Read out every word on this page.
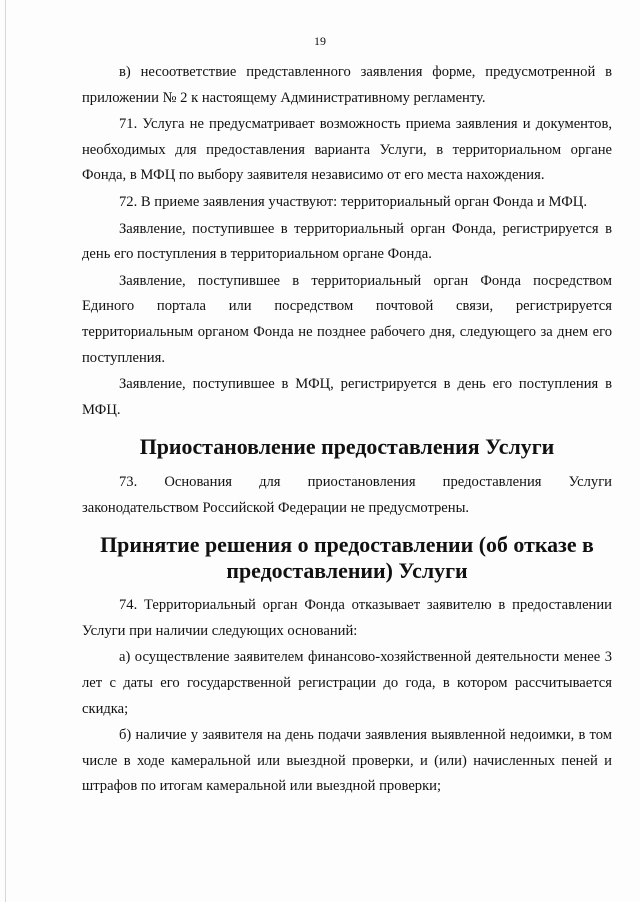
19

в) несоответствие представленного заявления форме, предусмотренной в приложении № 2 к настоящему Административному регламенту.

71. Услуга не предусматривает возможность приема заявления и документов, необходимых для предоставления варианта Услуги, в территориальном органе Фонда, в МФЦ по выбору заявителя независимо от его места нахождения.

72. В приеме заявления участвуют: территориальный орган Фонда и МФЦ.

Заявление, поступившее в территориальный орган Фонда, регистрируется в день его поступления в территориальном органе Фонда.

Заявление, поступившее в территориальный орган Фонда посредством Единого портала или посредством почтовой связи, регистрируется территориальным органом Фонда не позднее рабочего дня, следующего за днем его поступления.

Заявление, поступившее в МФЦ, регистрируется в день его поступления в МФЦ.

Приостановление предоставления Услуги

73. Основания для приостановления предоставления Услуги законодательством Российской Федерации не предусмотрены.

Принятие решения о предоставлении (об отказе в предоставлении) Услуги

74. Территориальный орган Фонда отказывает заявителю в предоставлении Услуги при наличии следующих оснований:

а) осуществление заявителем финансово-хозяйственной деятельности менее 3 лет с даты его государственной регистрации до года, в котором рассчитывается скидка;

б) наличие у заявителя на день подачи заявления выявленной недоимки, в том числе в ходе камеральной или выездной проверки, и (или) начисленных пеней и штрафов по итогам камеральной или выездной проверки;
